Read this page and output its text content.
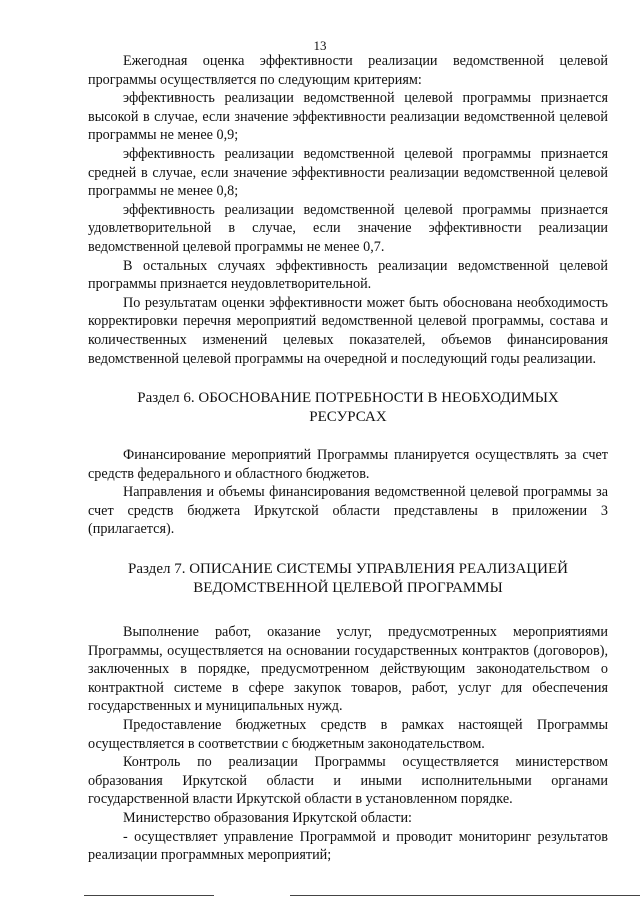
13

Ежегодная оценка эффективности реализации ведомственной целевой программы осуществляется по следующим критериям:

эффективность реализации ведомственной целевой программы признается высокой в случае, если значение эффективности реализации ведомственной целевой программы не менее 0,9;

эффективность реализации ведомственной целевой программы признается средней в случае, если значение эффективности реализации ведомственной целевой программы не менее 0,8;

эффективность реализации ведомственной целевой программы признается удовлетворительной в случае, если значение эффективности реализации ведомственной целевой программы не менее 0,7.

В остальных случаях эффективность реализации ведомственной целевой программы признается неудовлетворительной.

По результатам оценки эффективности может быть обоснована необходимость корректировки перечня мероприятий ведомственной целевой программы, состава и количественных изменений целевых показателей, объемов финансирования ведомственной целевой программы на очередной и последующий годы реализации.

Раздел 6. ОБОСНОВАНИЕ ПОТРЕБНОСТИ В НЕОБХОДИМЫХ
РЕСУРСАХ

Финансирование мероприятий Программы планируется осуществлять за счет средств федерального и областного бюджетов.

Направления и объемы финансирования ведомственной целевой программы за счет средств бюджета Иркутской области представлены в приложении 3 (прилагается).

Раздел 7. ОПИСАНИЕ СИСТЕМЫ УПРАВЛЕНИЯ РЕАЛИЗАЦИЕЙ
ВЕДОМСТВЕННОЙ ЦЕЛЕВОЙ ПРОГРАММЫ

Выполнение работ, оказание услуг, предусмотренных мероприятиями Программы, осуществляется на основании государственных контрактов (договоров), заключенных в порядке, предусмотренном действующим законодательством о контрактной системе в сфере закупок товаров, работ, услуг для обеспечения государственных и муниципальных нужд.

Предоставление бюджетных средств в рамках настоящей Программы осуществляется в соответствии с бюджетным законодательством.

Контроль по реализации Программы осуществляется министерством образования Иркутской области и иными исполнительными органами государственной власти Иркутской области в установленном порядке.

Министерство образования Иркутской области:

- осуществляет управление Программой и проводит мониторинг результатов реализации программных мероприятий;
